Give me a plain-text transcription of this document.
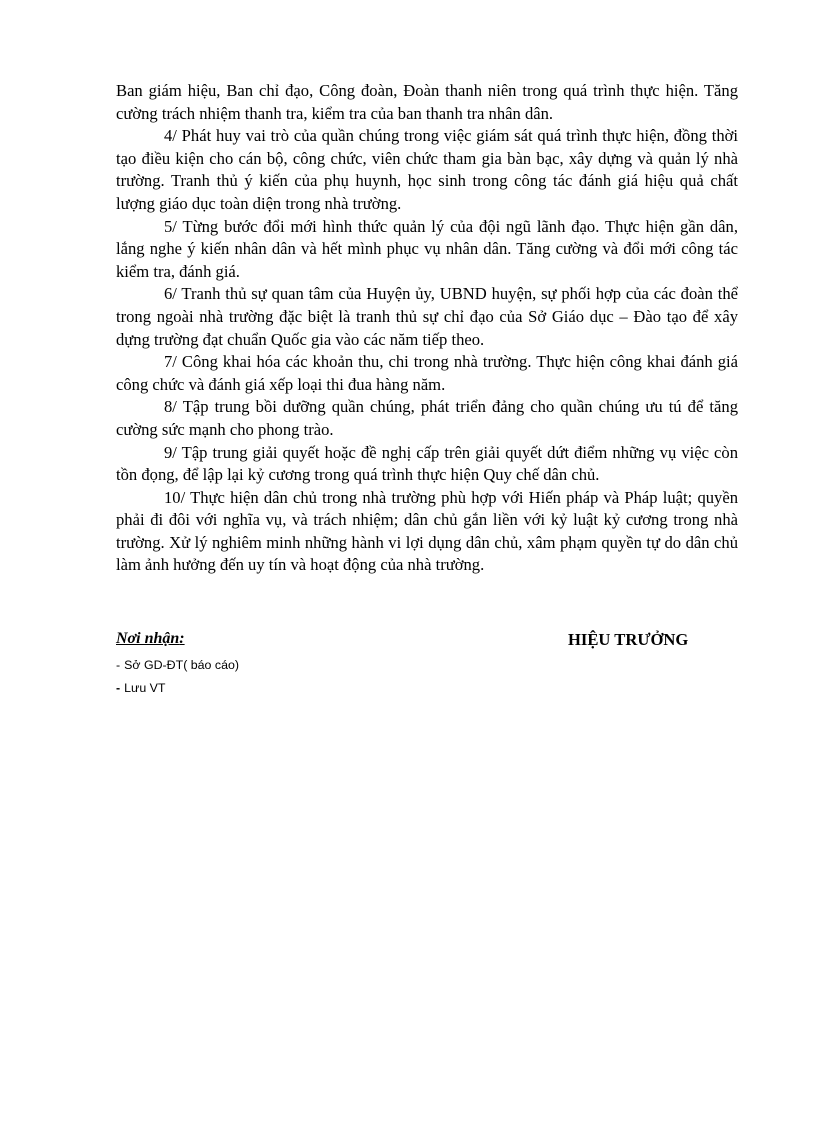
Ban giám hiệu, Ban chỉ đạo, Công đoàn, Đoàn thanh niên trong quá trình thực hiện. Tăng cường trách nhiệm thanh tra, kiểm tra của ban thanh tra nhân dân.

4/ Phát huy vai trò của quần chúng trong việc giám sát quá trình thực hiện, đồng thời tạo điều kiện cho cán bộ, công chức, viên chức tham gia bàn bạc, xây dựng và quản lý nhà trường. Tranh thủ ý kiến của phụ huynh, học sinh trong công tác đánh giá hiệu quả chất lượng giáo dục toàn diện trong nhà trường.

5/ Từng bước đổi mới hình thức quản lý của đội ngũ lãnh đạo. Thực hiện gần dân, lắng nghe ý kiến nhân dân và hết mình phục vụ nhân dân. Tăng cường và đổi mới công tác kiểm tra, đánh giá.

6/ Tranh thủ sự quan tâm của Huyện ủy, UBND huyện, sự phối hợp của các đoàn thể trong ngoài nhà trường đặc biệt là tranh thủ sự chỉ đạo của Sở Giáo dục – Đào tạo để xây dựng trường đạt chuẩn Quốc gia vào các năm tiếp theo.

7/ Công khai hóa các khoản thu, chi trong nhà trường. Thực hiện công khai đánh giá công chức và đánh giá xếp loại thi đua hàng năm.

8/ Tập trung bồi dưỡng quần chúng, phát triển đảng cho quần chúng ưu tú để tăng cường sức mạnh cho phong trào.

9/ Tập trung giải quyết hoặc đề nghị cấp trên giải quyết dứt điểm những vụ việc còn tồn đọng, để lập lại kỷ cương trong quá trình thực hiện Quy chế dân chủ.

10/ Thực hiện dân chủ trong nhà trường phù hợp với Hiến pháp và Pháp luật; quyền phải đi đôi với nghĩa vụ, và trách nhiệm; dân chủ gắn liền với kỷ luật kỷ cương trong nhà trường. Xử lý nghiêm minh những hành vi lợi dụng dân chủ, xâm phạm quyền tự do dân chủ làm ảnh hưởng đến uy tín và hoạt động của nhà trường.

Nơi nhận:	HIỆU TRƯỞNG
- Sở GD-ĐT( báo cáo)
- Lưu VT
